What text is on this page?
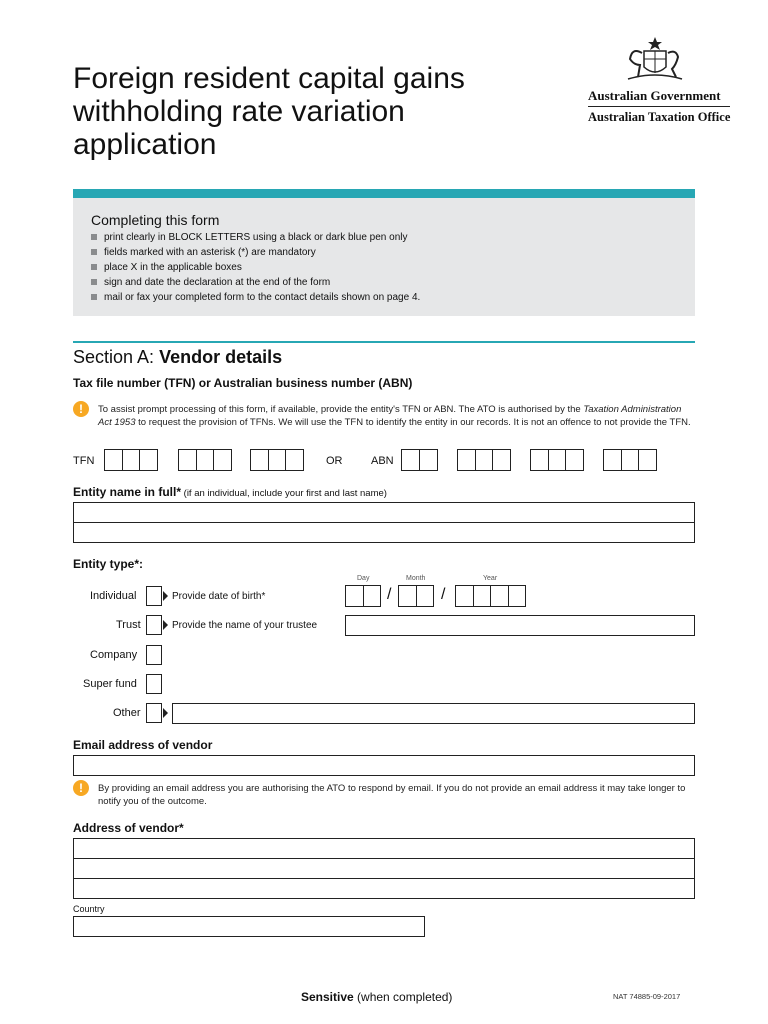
Foreign resident capital gains withholding rate variation application
Australian Government
Australian Taxation Office
Completing this form
print clearly in BLOCK LETTERS using a black or dark blue pen only
fields marked with an asterisk (*) are mandatory
place X in the applicable boxes
sign and date the declaration at the end of the form
mail or fax your completed form to the contact details shown on page 4.
Section A: Vendor details
Tax file number (TFN) or Australian business number (ABN)
!	To assist prompt processing of this form, if available, provide the entity's TFN or ABN. The ATO is authorised by the Taxation Administration Act 1953 to request the provision of TFNs. We will use the TFN to identify the entity in our records. It is not an offence to not provide the TFN.
TFN	OR	ABN
Entity name in full* (if an individual, include your first and last name)
Entity type*:
Day	Month	Year
Individual	Provide date of birth*	/	/
Trust	Provide the name of your trustee
Company
Super fund
Other
Email address of vendor
!	By providing an email address you are authorising the ATO to respond by email. If you do not provide an email address it may take longer to notify you of the outcome.
Address of vendor*
Country
Sensitive (when completed)	NAT 74885-09-2017
